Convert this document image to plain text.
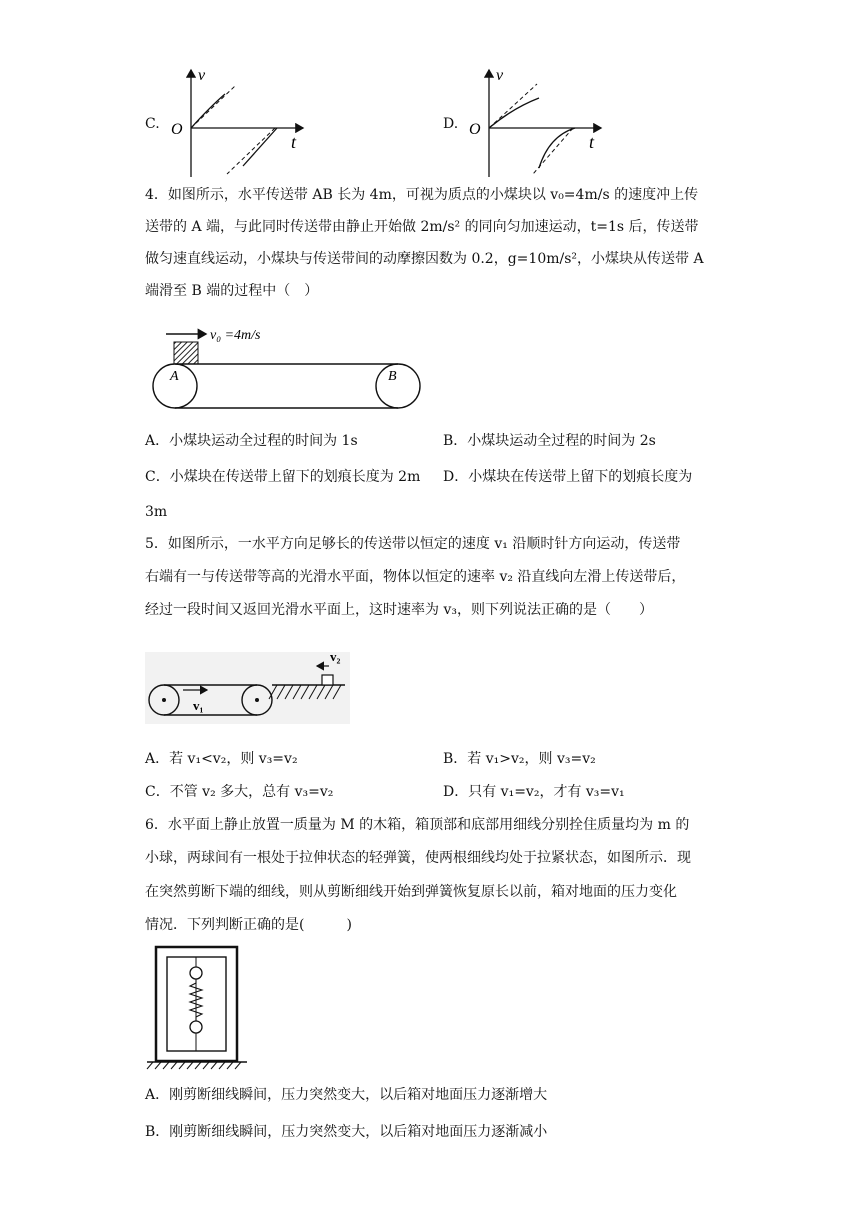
C.
v
t
O	D.
v
t
O
4．如图所示，水平传送带 AB 长为 4m，可视为质点的小煤块以 v₀=4m/s 的速度冲上传
送带的 A 端，与此同时传送带由静止开始做 2m/s² 的同向匀加速运动，t=1s 后，传送带
做匀速直线运动，小煤块与传送带间的动摩擦因数为 0.2，g=10m/s²，小煤块从传送带 A
端滑至 B 端的过程中（　）
v₀ =4m/s
A	B
A．小煤块运动全过程的时间为 1s	B．小煤块运动全过程的时间为 2s
C．小煤块在传送带上留下的划痕长度为 2m D．小煤块在传送带上留下的划痕长度为
3m
5．如图所示，一水平方向足够长的传送带以恒定的速度 v₁ 沿顺时针方向运动，传送带
右端有一与传送带等高的光滑水平面，物体以恒定的速率 v₂ 沿直线向左滑上传送带后，
经过一段时间又返回光滑水平面上，这时速率为 v₃，则下列说法正确的是（　　）
v₁
v₂
A．若 v₁<v₂，则 v₃=v₂	B．若 v₁>v₂，则 v₃=v₂
C．不管 v₂ 多大，总有 v₃=v₂	D．只有 v₁=v₂，才有 v₃=v₁
6．水平面上静止放置一质量为 M 的木箱，箱顶部和底部用细线分别拴住质量均为 m 的
小球，两球间有一根处于拉伸状态的轻弹簧，使两根细线均处于拉紧状态，如图所示．现
在突然剪断下端的细线，则从剪断细线开始到弹簧恢复原长以前，箱对地面的压力变化
情况．下列判断正确的是(　　　)
A．刚剪断细线瞬间，压力突然变大，以后箱对地面压力逐渐增大
B．刚剪断细线瞬间，压力突然变大，以后箱对地面压力逐渐减小
